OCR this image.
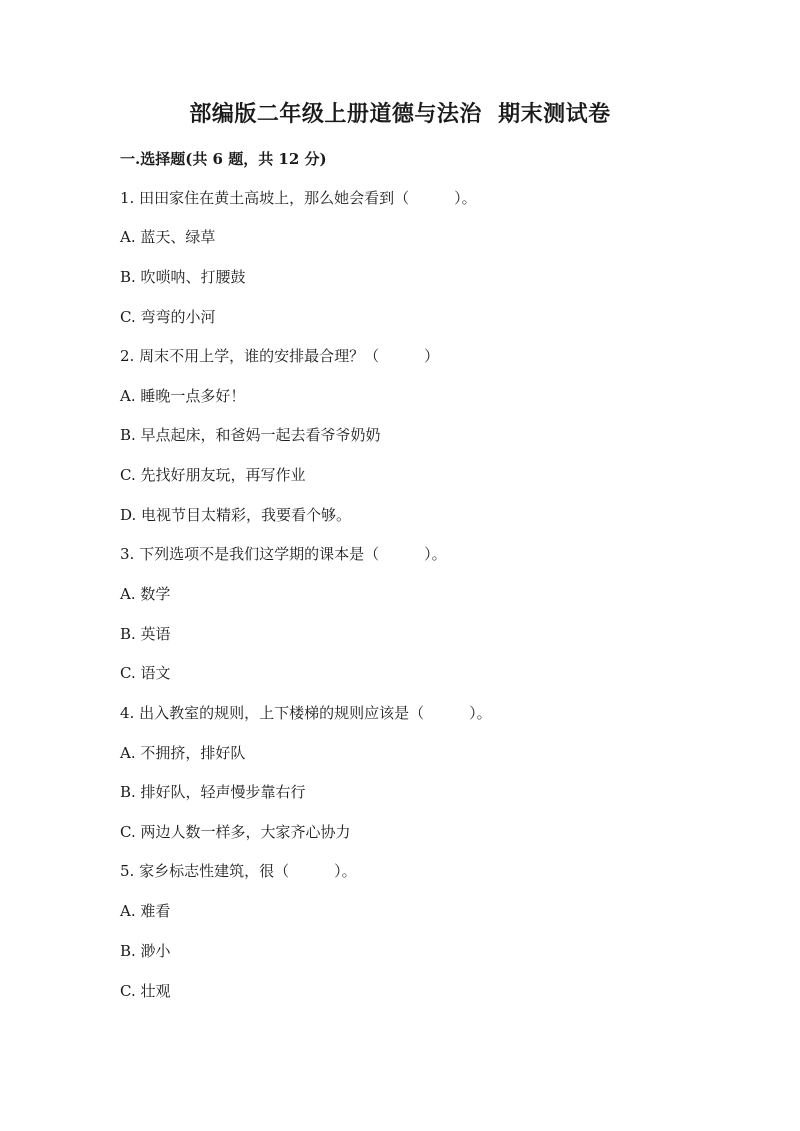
部编版二年级上册道德与法治  期末测试卷
一.选择题(共 6 题，共 12 分)
1. 田田家住在黄土高坡上，那么她会看到（　　　）。
A. 蓝天、绿草
B. 吹唢呐、打腰鼓
C. 弯弯的小河
2. 周末不用上学，谁的安排最合理？（　　　）
A. 睡晚一点多好！
B. 早点起床，和爸妈一起去看爷爷奶奶
C. 先找好朋友玩，再写作业
D. 电视节目太精彩，我要看个够。
3. 下列选项不是我们这学期的课本是（　　　）。
A. 数学
B. 英语
C. 语文
4. 出入教室的规则，上下楼梯的规则应该是（　　　）。
A. 不拥挤，排好队
B. 排好队，轻声慢步靠右行
C. 两边人数一样多，大家齐心协力
5. 家乡标志性建筑，很（　　　）。
A. 难看
B. 渺小
C. 壮观
